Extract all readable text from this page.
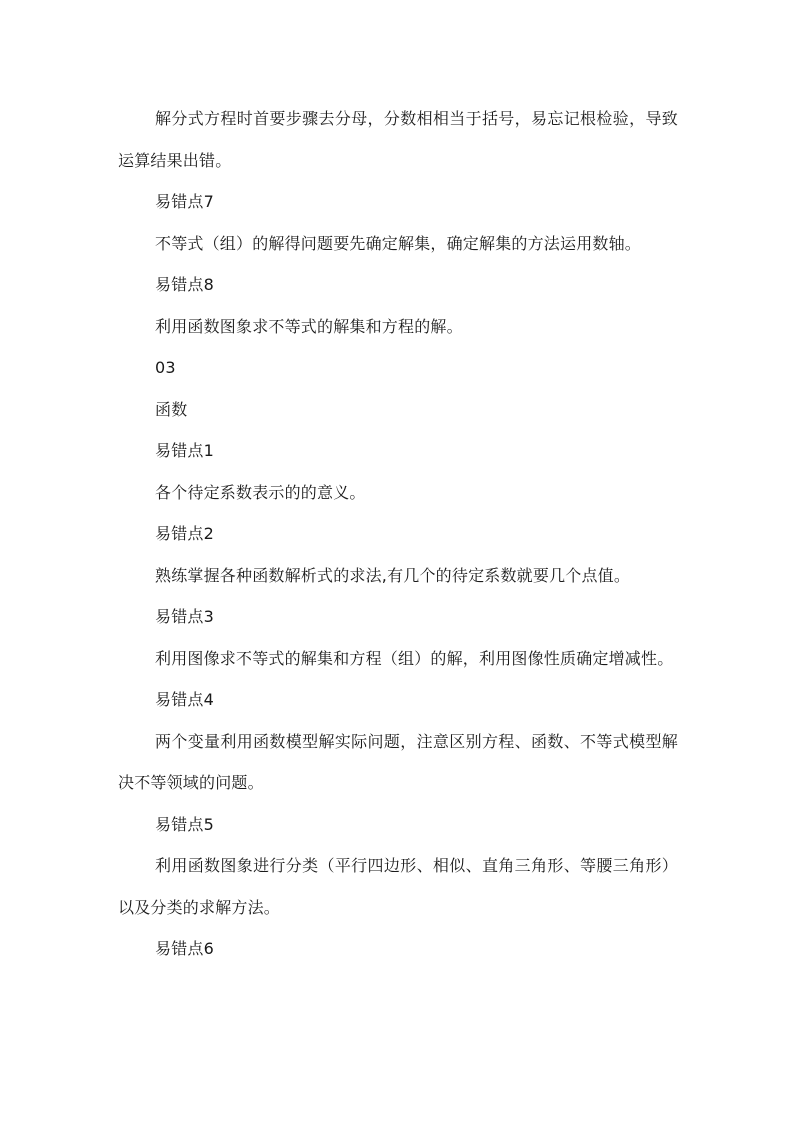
解分式方程时首要步骤去分母，分数相相当于括号，易忘记根检验，导致运算结果出错。

易错点7

不等式（组）的解得问题要先确定解集，确定解集的方法运用数轴。

易错点8

利用函数图象求不等式的解集和方程的解。

03

函数

易错点1

各个待定系数表示的的意义。

易错点2

熟练掌握各种函数解析式的求法,有几个的待定系数就要几个点值。

易错点3

利用图像求不等式的解集和方程（组）的解，利用图像性质确定增减性。

易错点4

两个变量利用函数模型解实际问题，注意区别方程、函数、不等式模型解决不等领域的问题。

易错点5

利用函数图象进行分类（平行四边形、相似、直角三角形、等腰三角形）以及分类的求解方法。

易错点6
